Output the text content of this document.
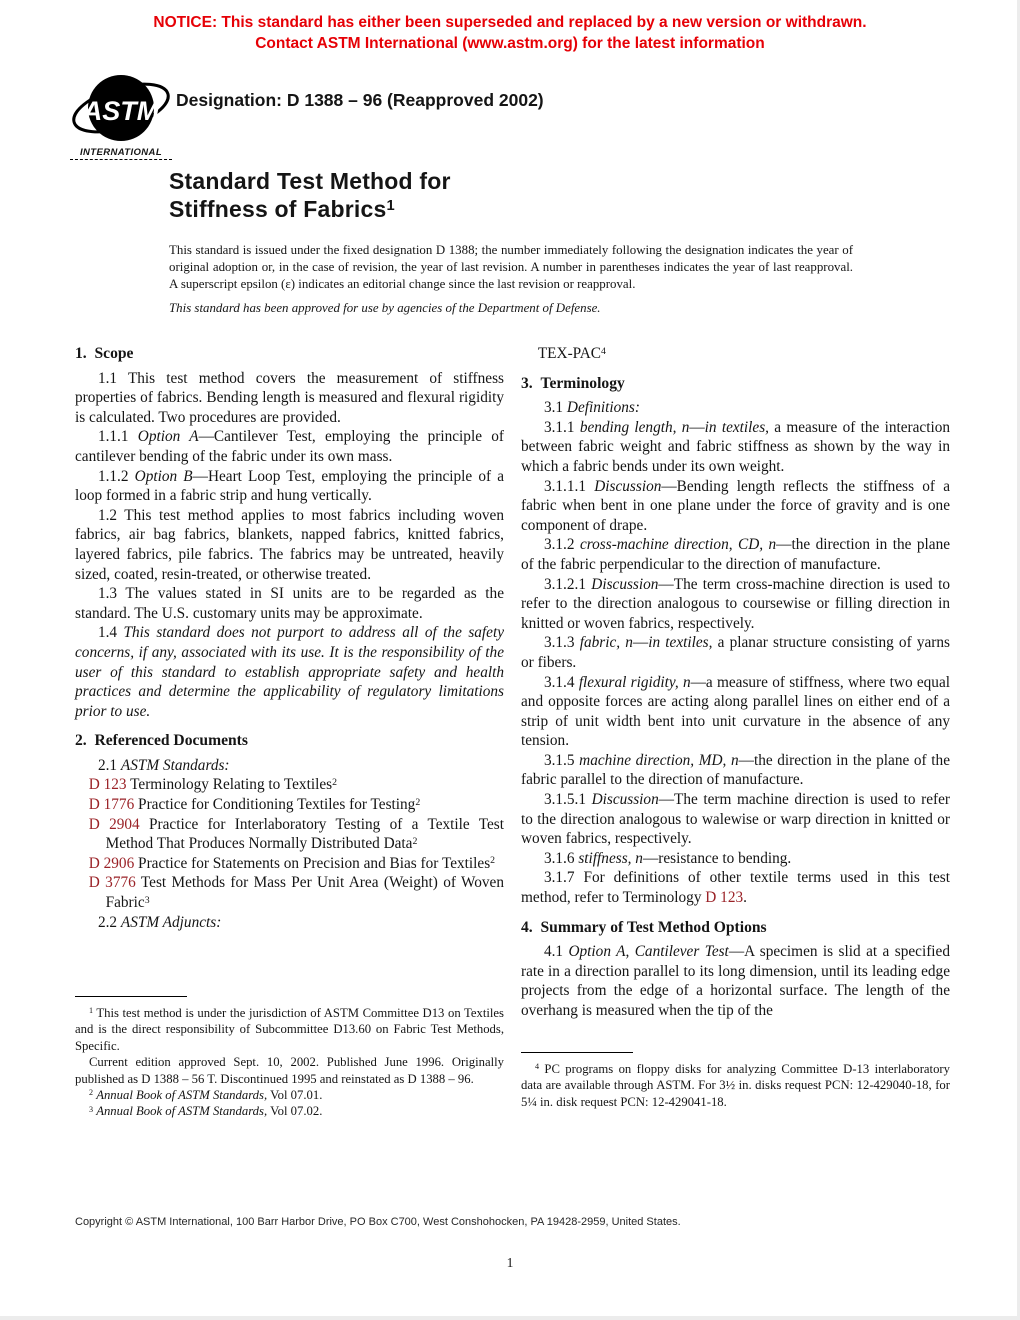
NOTICE: This standard has either been superseded and replaced by a new version or withdrawn.
Contact ASTM International (www.astm.org) for the latest information
ASTM
INTERNATIONAL
Designation: D 1388 – 96 (Reapproved 2002)
Standard Test Method for
Stiffness of Fabrics$^1$
This standard is issued under the fixed designation D 1388; the number immediately following the designation indicates the year of original adoption or, in the case of revision, the year of last revision. A number in parentheses indicates the year of last reapproval. A superscript epsilon (ε) indicates an editorial change since the last revision or reapproval.
This standard has been approved for use by agencies of the Department of Defense.
1. Scope

1.1 This test method covers the measurement of stiffness properties of fabrics. Bending length is measured and flexural rigidity is calculated. Two procedures are provided.

1.1.1 Option A—Cantilever Test, employing the principle of cantilever bending of the fabric under its own mass.

1.1.2 Option B—Heart Loop Test, employing the principle of a loop formed in a fabric strip and hung vertically.

1.2 This test method applies to most fabrics including woven fabrics, air bag fabrics, blankets, napped fabrics, knitted fabrics, layered fabrics, pile fabrics. The fabrics may be untreated, heavily sized, coated, resin-treated, or otherwise treated.

1.3 The values stated in SI units are to be regarded as the standard. The U.S. customary units may be approximate.

1.4 This standard does not purport to address all of the safety concerns, if any, associated with its use. It is the responsibility of the user of this standard to establish appropriate safety and health practices and determine the applicability of regulatory limitations prior to use.

2. Referenced Documents

2.1 ASTM Standards:

D 123 Terminology Relating to Textiles$^2$

D 1776 Practice for Conditioning Textiles for Testing$^2$

D 2904 Practice for Interlaboratory Testing of a Textile Test Method That Produces Normally Distributed Data$^2$

D 2906 Practice for Statements on Precision and Bias for Textiles$^2$

D 3776 Test Methods for Mass Per Unit Area (Weight) of Woven Fabric$^3$

2.2 ASTM Adjuncts:

$^1$ This test method is under the jurisdiction of ASTM Committee D13 on Textiles and is the direct responsibility of Subcommittee D13.60 on Fabric Test Methods, Specific.

Current edition approved Sept. 10, 2002. Published June 1996. Originally published as D 1388 – 56 T. Discontinued 1995 and reinstated as D 1388 – 96.

$^2$ Annual Book of ASTM Standards, Vol 07.01.

$^3$ Annual Book of ASTM Standards, Vol 07.02.

TEX-PAC$^4$

3. Terminology

3.1 Definitions:

3.1.1 bending length, n—in textiles, a measure of the interaction between fabric weight and fabric stiffness as shown by the way in which a fabric bends under its own weight.

3.1.1.1 Discussion—Bending length reflects the stiffness of a fabric when bent in one plane under the force of gravity and is one component of drape.

3.1.2 cross-machine direction, CD, n—the direction in the plane of the fabric perpendicular to the direction of manufacture.

3.1.2.1 Discussion—The term cross-machine direction is used to refer to the direction analogous to coursewise or filling direction in knitted or woven fabrics, respectively.

3.1.3 fabric, n—in textiles, a planar structure consisting of yarns or fibers.

3.1.4 flexural rigidity, n—a measure of stiffness, where two equal and opposite forces are acting along parallel lines on either end of a strip of unit width bent into unit curvature in the absence of any tension.

3.1.5 machine direction, MD, n—the direction in the plane of the fabric parallel to the direction of manufacture.

3.1.5.1 Discussion—The term machine direction is used to refer to the direction analogous to walewise or warp direction in knitted or woven fabrics, respectively.

3.1.6 stiffness, n—resistance to bending.

3.1.7 For definitions of other textile terms used in this test method, refer to Terminology D 123.

4. Summary of Test Method Options

4.1 Option A, Cantilever Test—A specimen is slid at a specified rate in a direction parallel to its long dimension, until its leading edge projects from the edge of a horizontal surface. The length of the overhang is measured when the tip of the

$^4$ PC programs on floppy disks for analyzing Committee D-13 interlaboratory data are available through ASTM. For 3½ in. disks request PCN: 12-429040-18, for 5¼ in. disk request PCN: 12-429041-18.

Copyright © ASTM International, 100 Barr Harbor Drive, PO Box C700, West Conshohocken, PA 19428-2959, United States.
1
